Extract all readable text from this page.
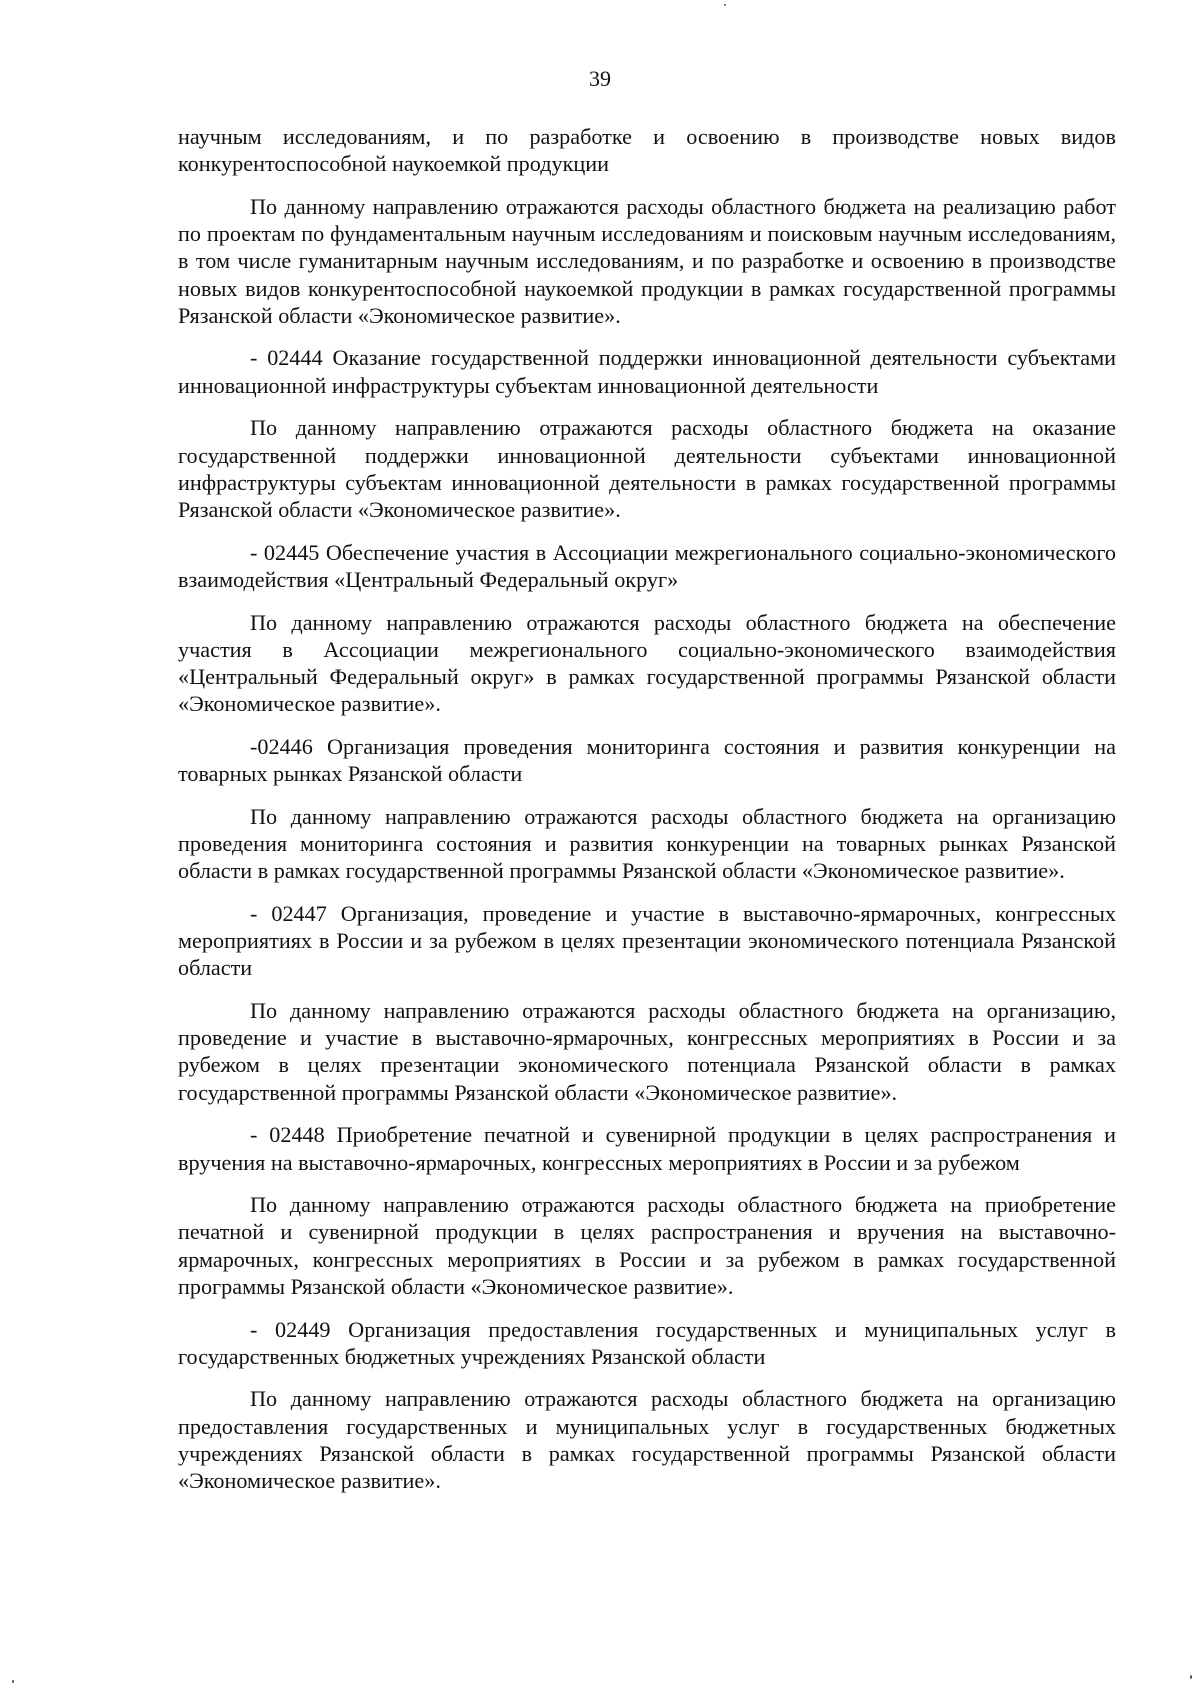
39

научным исследованиям, и по разработке и освоению в производстве новых видов конкурентоспособной наукоемкой продукции

По данному направлению отражаются расходы областного бюджета на реализацию работ по проектам по фундаментальным научным исследованиям и поисковым научным исследованиям, в том числе гуманитарным научным исследованиям, и по разработке и освоению в производстве новых видов конкурентоспособной наукоемкой продукции в рамках государственной программы Рязанской области «Экономическое развитие».

- 02444 Оказание государственной поддержки инновационной деятельности субъектами инновационной инфраструктуры субъектам инновационной деятельности

По данному направлению отражаются расходы областного бюджета на оказание государственной поддержки инновационной деятельности субъектами инновационной инфраструктуры субъектам инновационной деятельности в рамках государственной программы Рязанской области «Экономическое развитие».

- 02445 Обеспечение участия в Ассоциации межрегионального социально-экономического взаимодействия «Центральный Федеральный округ»

По данному направлению отражаются расходы областного бюджета на обеспечение участия в Ассоциации межрегионального социально-экономического взаимодействия «Центральный Федеральный округ» в рамках государственной программы Рязанской области «Экономическое развитие».

-02446 Организация проведения мониторинга состояния и развития конкуренции на товарных рынках Рязанской области

По данному направлению отражаются расходы областного бюджета на организацию проведения мониторинга состояния и развития конкуренции на товарных рынках Рязанской области в рамках государственной программы Рязанской области «Экономическое развитие».

- 02447 Организация, проведение и участие в выставочно-ярмарочных, конгрессных мероприятиях в России и за рубежом в целях презентации экономического потенциала Рязанской области

По данному направлению отражаются расходы областного бюджета на организацию, проведение и участие в выставочно-ярмарочных, конгрессных мероприятиях в России и за рубежом в целях презентации экономического потенциала Рязанской области в рамках государственной программы Рязанской области «Экономическое развитие».

- 02448 Приобретение печатной и сувенирной продукции в целях распространения и вручения на выставочно-ярмарочных, конгрессных мероприятиях в России и за рубежом

По данному направлению отражаются расходы областного бюджета на приобретение печатной и сувенирной продукции в целях распространения и вручения на выставочно-ярмарочных, конгрессных мероприятиях в России и за рубежом в рамках государственной программы Рязанской области «Экономическое развитие».

- 02449 Организация предоставления государственных и муниципальных услуг в государственных бюджетных учреждениях Рязанской области

По данному направлению отражаются расходы областного бюджета на организацию предоставления государственных и муниципальных услуг в государственных бюджетных учреждениях Рязанской области в рамках государственной программы Рязанской области «Экономическое развитие».
